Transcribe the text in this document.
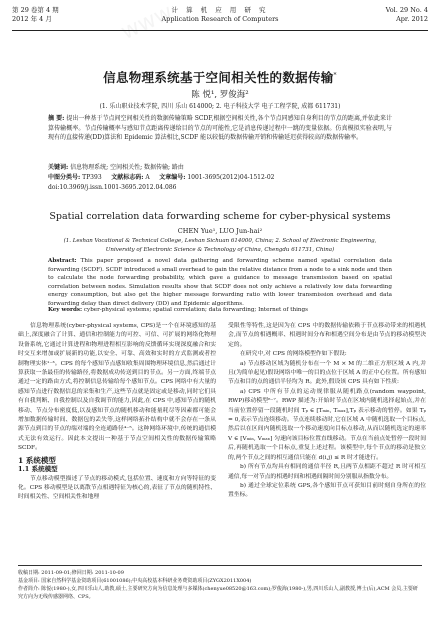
第 29 卷第 4 期
2012 年 4 月
计 算 机 应 用 研 究
Application Research of Computers
Vol. 29 No. 4
Apr. 2012
信息物理系统基于空间相关性的数据传输*
陈 悦¹, 罗俊海²
(1. 乐山职业技术学院, 四川 乐山 614000; 2. 电子科技大学 电子工程学院, 成都 611731)
摘 要: 提出一种基于节点间空间相关性的数据传输策略 SCDF,根据空间相关性,各个节点同感知自身利目的节点的距离,并依此来计算传输概率。节点传输概率与感知节点距离传递给目的节点的可能性,它是消息传递过程中一跳的变量依据。仿真模拟实验表明,与现有的直接传递(DD)算法和 Epidemic 算法相比,SCDF 能以较低的数据传输开销和传输延迟获得较高的数据传输率。
关键词: 信息物理系统; 空间相关性; 数据传输; 路由
中图分类号: TP393 文献标志码: A 文章编号: 1001-3695(2012)04-1512-02
doi:10.3969/j.issn.1001-3695.2012.04.086
Spatial correlation data forwarding scheme for cyber-physical systems
CHEN Yue¹, LUO Jun-hai²
(1. Leshan Vocational & Technical College, Leshan Sichuan 614000, China; 2. School of Electronic Engineering, University of Electronic Science & Technology of China, Chengdu 611731, China)
Abstract: This paper proposed a novel data gathering and forwarding scheme named spatial correlation data forwarding (SCDF). SCDF introduced a small overhead to gain the relative distance from a node to a sink node and then to calculate the node forwarding probability, which gave a guidance to message transmission based on spatial correlation between nodes. Simulation results show that SCDF does not only achieve a relatively low data forwarding energy consumption, but also get the higher message forwarding ratio with lower transmission overhead and data forwarding delay than direct delivery (DD) and Epidemic algorithms.
Key words: cyber-physical systems; spatial correlation; data forwarding; Internet of things

信息物理系统(cyber-physical systems, CPS)是一个在环境感知的基础上,深度融合了计算、通信和控制能力的可控、可信、可扩展的网络化物理设备系统,它通过计算进程和物理进程相互影响的反馈循环实现深度融合和实时交互来增加或扩展新的功能,以安全、可靠、高效和实时的方式监测或者控制物理实体¹⁻³。CPS 的每个感知节点感知收集周围物理环境信息,然后通过计算获取一条最佳的传输路径,将数据成功传送到目的节点。另一方面,终端节点通过一定的路由方式,将控制信息传输给每个感知节点。CPS 网络中有大量的感知节点进行数据信息的采集和生产,这些节点就是固定或是移动,同时它们具有自我判断、自我控制以及自我调节的能力,因此,在 CPS 中,感知节点的随机移动、节点分布密度低,以及感知节点的随机移动和能量耗尽等因素都可能会增加数据传输时间、数据包的丢失等,这样网络拓扑结构中就不会存在一条从源节点到目的节点的端对端的全连通路径⁴⁻⁵。这种网络环境中,传统的通信模式无法有效运行。因此本文提出一种基于节点空间相关性的数据传输策略 SCDF。

1 系统模型
1.1 系统模型

节点移动模型描述了节点的移动模式,包括位置、速度和方向等特征的变化。CPS 移动模型是以离散节点相遇特征为核心的,表征了节点的随机特性、时间相关性、空间相关性和地理

受限性等特性,这是因为在 CPS 中的数据传输依赖于节点移动带来的相遇机会,而节点的相遇概率、相遇时间分布和相遇空间分布是由节点的移动模型决定的。

在研究中,对 CPS 的网络模型作如下假设:

a) 节点移动区域为随机分布在一个 M × M 的二维正方形区域 A 内,并且(为简单起见)假设网络中唯一的目的点位于区域 A 的正中心位置。所有感知节点和目的点的通信半径均为 R。此外,假设该 CPS 具有如下性质:

a) CPS 中所有节点的运动规律服从随机路点(random waypoint, RWP)移动模型⁶⁻⁷。RWP 描述为:开始时节点在区域内随机选择起始点,并在当前位置停留一段随机时间 Tₚ ∈ [Tₘᵢₙ, Tₘₐₓ],Tₚ 表示移动的暂停。如果 Tₚ = 0,表示节点连续移动。节点连续移动时,它在区域 A 中随机选取一个目标点,然后以在区间内随机选取一个移动速度向目标点移动,从而以随机选定的速率 V ∈ [Vₘᵢₙ, Vₘₐₓ] 匀速向该目标位置直线移动。节点在当前点处暂停一段时间后,再随机选取一个目标点,重复上述过程。该模型中,每个节点的移动是独立的,两个节点之间的相互通信只能在 d(i,j) ≤ R 时才能进行。

b) 所有节点均具有相同的通信半径 R,且两节点相距不超过 R 时可相互通信,每一对节点的相遇时间和相遇间隔时间分别服从指数分布。

b) 通过全球定位系统 GPS,各个感知节点可获知目前时刻自身所在的位置坐标。

收稿日期: 2011-09-01;修回日期: 2011-10-09
基金项目: 国家自然科学基金资助项目(61001086);中央高校基本科研业务费资助项目(ZYGX2011X004)
作者简介: 陈悦(1980-),女,四川乐山人,助教,硕士,主要研究方向为信息处理与多媒体(chenyue08520@163.com);罗俊海(1980-),男,四川乐山人,副教授,博士(后),ACM 会员,主要研究方向为无线传感器网络、CPS。
